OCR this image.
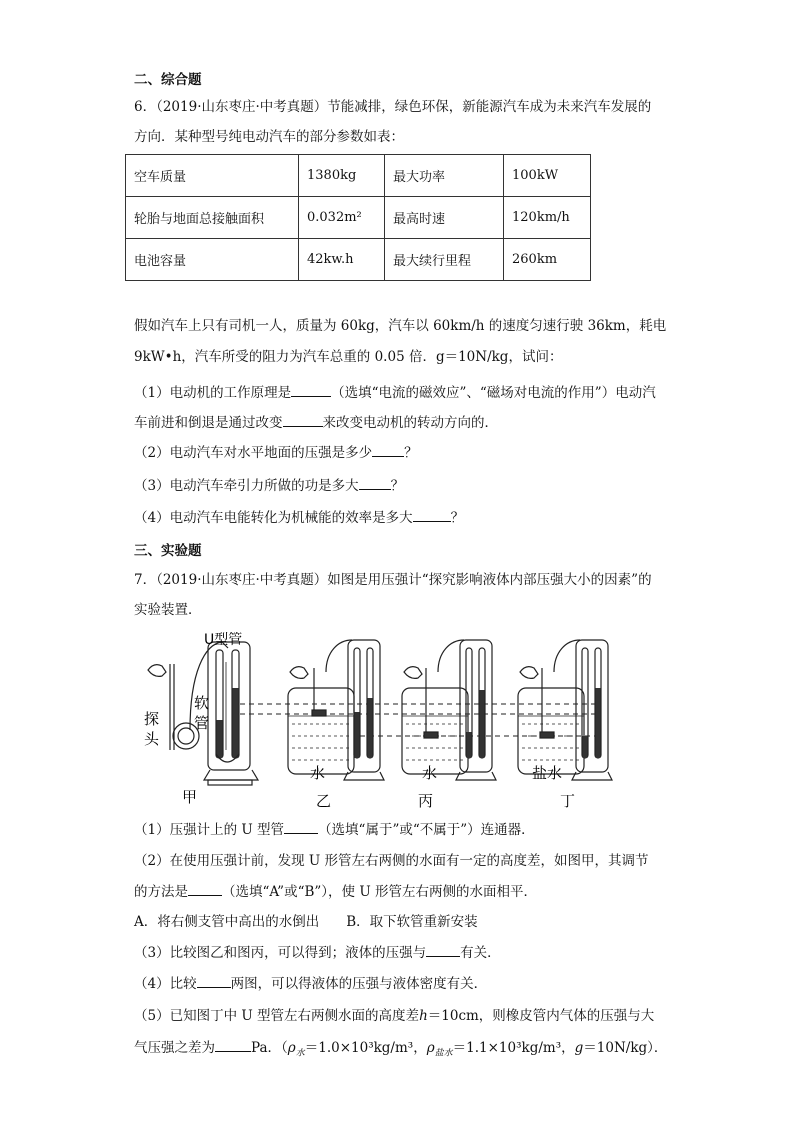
二、综合题
6．（2019·山东枣庄·中考真题）节能减排，绿色环保，新能源汽车成为未来汽车发展的
方向．某种型号纯电动汽车的部分参数如表：
空车质量	1380kg	最大功率	100kW
轮胎与地面总接触面积	0.032m²	最高时速	120km/h
电池容量	42kw.h	最大续行里程	260km
假如汽车上只有司机一人，质量为 60kg，汽车以 60km/h 的速度匀速行驶 36km，耗电
9kW•h，汽车所受的阻力为汽车总重的 0.05 倍．g＝10N/kg，试问：
（1）电动机的工作原理是	（选填“电流的磁效应”、“磁场对电流的作用”）电动汽
车前进和倒退是通过改变	来改变电动机的转动方向的．
（2）电动汽车对水平地面的压强是多少 ？
（3）电动汽车牵引力所做的功是多大 ？
（4）电动汽车电能转化为机械能的效率是多大	？
三、实验题
7．（2019·山东枣庄·中考真题）如图是用压强计“探究影响液体内部压强大小的因素”的
实验装置．
U型管
探
头
软
管
水	水	盐水
甲	乙	丙	丁
（1）压强计上的 U 型管	（选填“属于”或“不属于”）连通器．
（2）在使用压强计前，发现 U 形管左右两侧的水面有一定的高度差，如图甲，其调节
的方法是	（选填“A”或“B”），使 U 形管左右两侧的水面相平．
A．将右侧支管中高出的水倒出　　B．取下软管重新安装
（3）比较图乙和图丙，可以得到；液体的压强与	有关．
（4）比较	两图，可以得液体的压强与液体密度有关．
（5）已知图丁中 U 型管左右两侧水面的高度差h＝10cm，则橡皮管内气体的压强与大
气压强之差为	Pa．（$\rho_水=1.0\times 10^3kg/m^3$，$\rho_{盐水}=1.1\times 10^3kg/m^3$，g＝10N/kg）．
